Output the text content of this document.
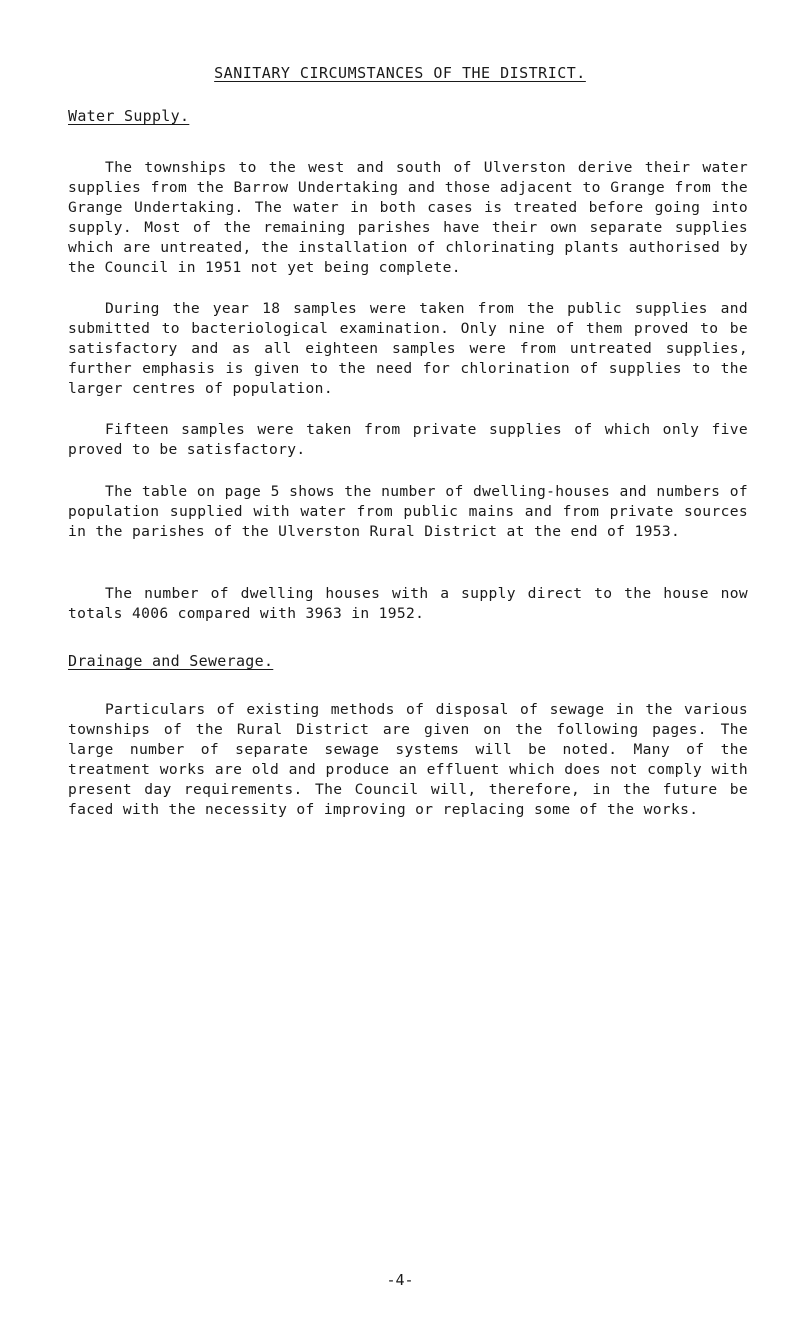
SANITARY CIRCUMSTANCES OF THE DISTRICT.
Water Supply.

The townships to the west and south of Ulverston derive their water supplies from the Barrow Undertaking and those adjacent to Grange from the Grange Undertaking. The water in both cases is treated before going into supply. Most of the remaining parishes have their own separate supplies which are untreated, the installation of chlorinating plants authorised by the Council in 1951 not yet being complete.

During the year 18 samples were taken from the public supplies and submitted to bacteriological examination. Only nine of them proved to be satisfactory and as all eighteen samples were from untreated supplies, further emphasis is given to the need for chlorination of supplies to the larger centres of population.

Fifteen samples were taken from private supplies of which only five proved to be satisfactory.

The table on page 5 shows the number of dwelling-houses and numbers of population supplied with water from public mains and from private sources in the parishes of the Ulverston Rural District at the end of 1953.

The number of dwelling houses with a supply direct to the house now totals 4006 compared with 3963 in 1952.

Drainage and Sewerage.

Particulars of existing methods of disposal of sewage in the various townships of the Rural District are given on the following pages. The large number of separate sewage systems will be noted. Many of the treatment works are old and produce an effluent which does not comply with present day requirements. The Council will, therefore, in the future be faced with the necessity of improving or replacing some of the works.

-4-
